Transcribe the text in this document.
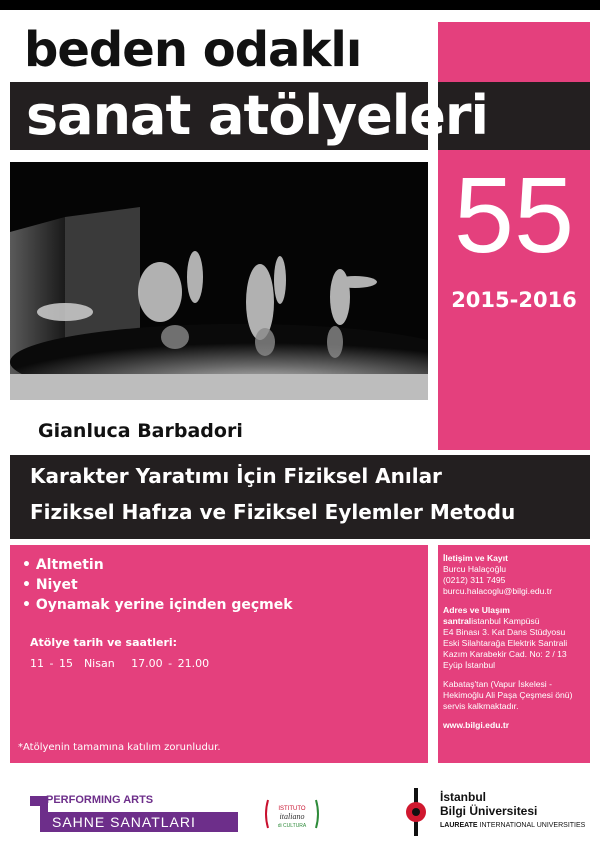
beden odaklı
sanat atölyeleri
55
2015-2016
Gianluca Barbadori
Karakter Yaratımı İçin Fiziksel Anılar
Fiziksel Hafıza ve Fiziksel Eylemler Metodu
• Altmetin
• Niyet
• Oynamak yerine içinden geçmek
Atölye tarih ve saatleri:
11 - 15  Nisan   17.00 - 21.00
*Atölyenin tamamına katılım zorunludur.
İletişim ve Kayıt
Burcu Halaçoğlu
(0212) 311 7495
burcu.halacoglu@bilgi.edu.tr
Adres ve Ulaşım
santralistanbul Kampüsü
E4 Binası 3. Kat Dans Stüdyosu
Eski Silahtarağa Elektrik Santrali
Kazım Karabekir Cad. No: 2 / 13
Eyüp İstanbul
Kabataş'tan (Vapur İskelesi - Hekimoğlu Ali Paşa Çeşmesi önü) servis kalkmaktadır.
www.bilgi.edu.tr
PERFORMING ARTS
SAHNE SANATLARI
ISTITUTO
italiano
di CULTURA
İstanbul
Bilgi Üniversitesi
LAUREATE INTERNATIONAL UNIVERSITIES
